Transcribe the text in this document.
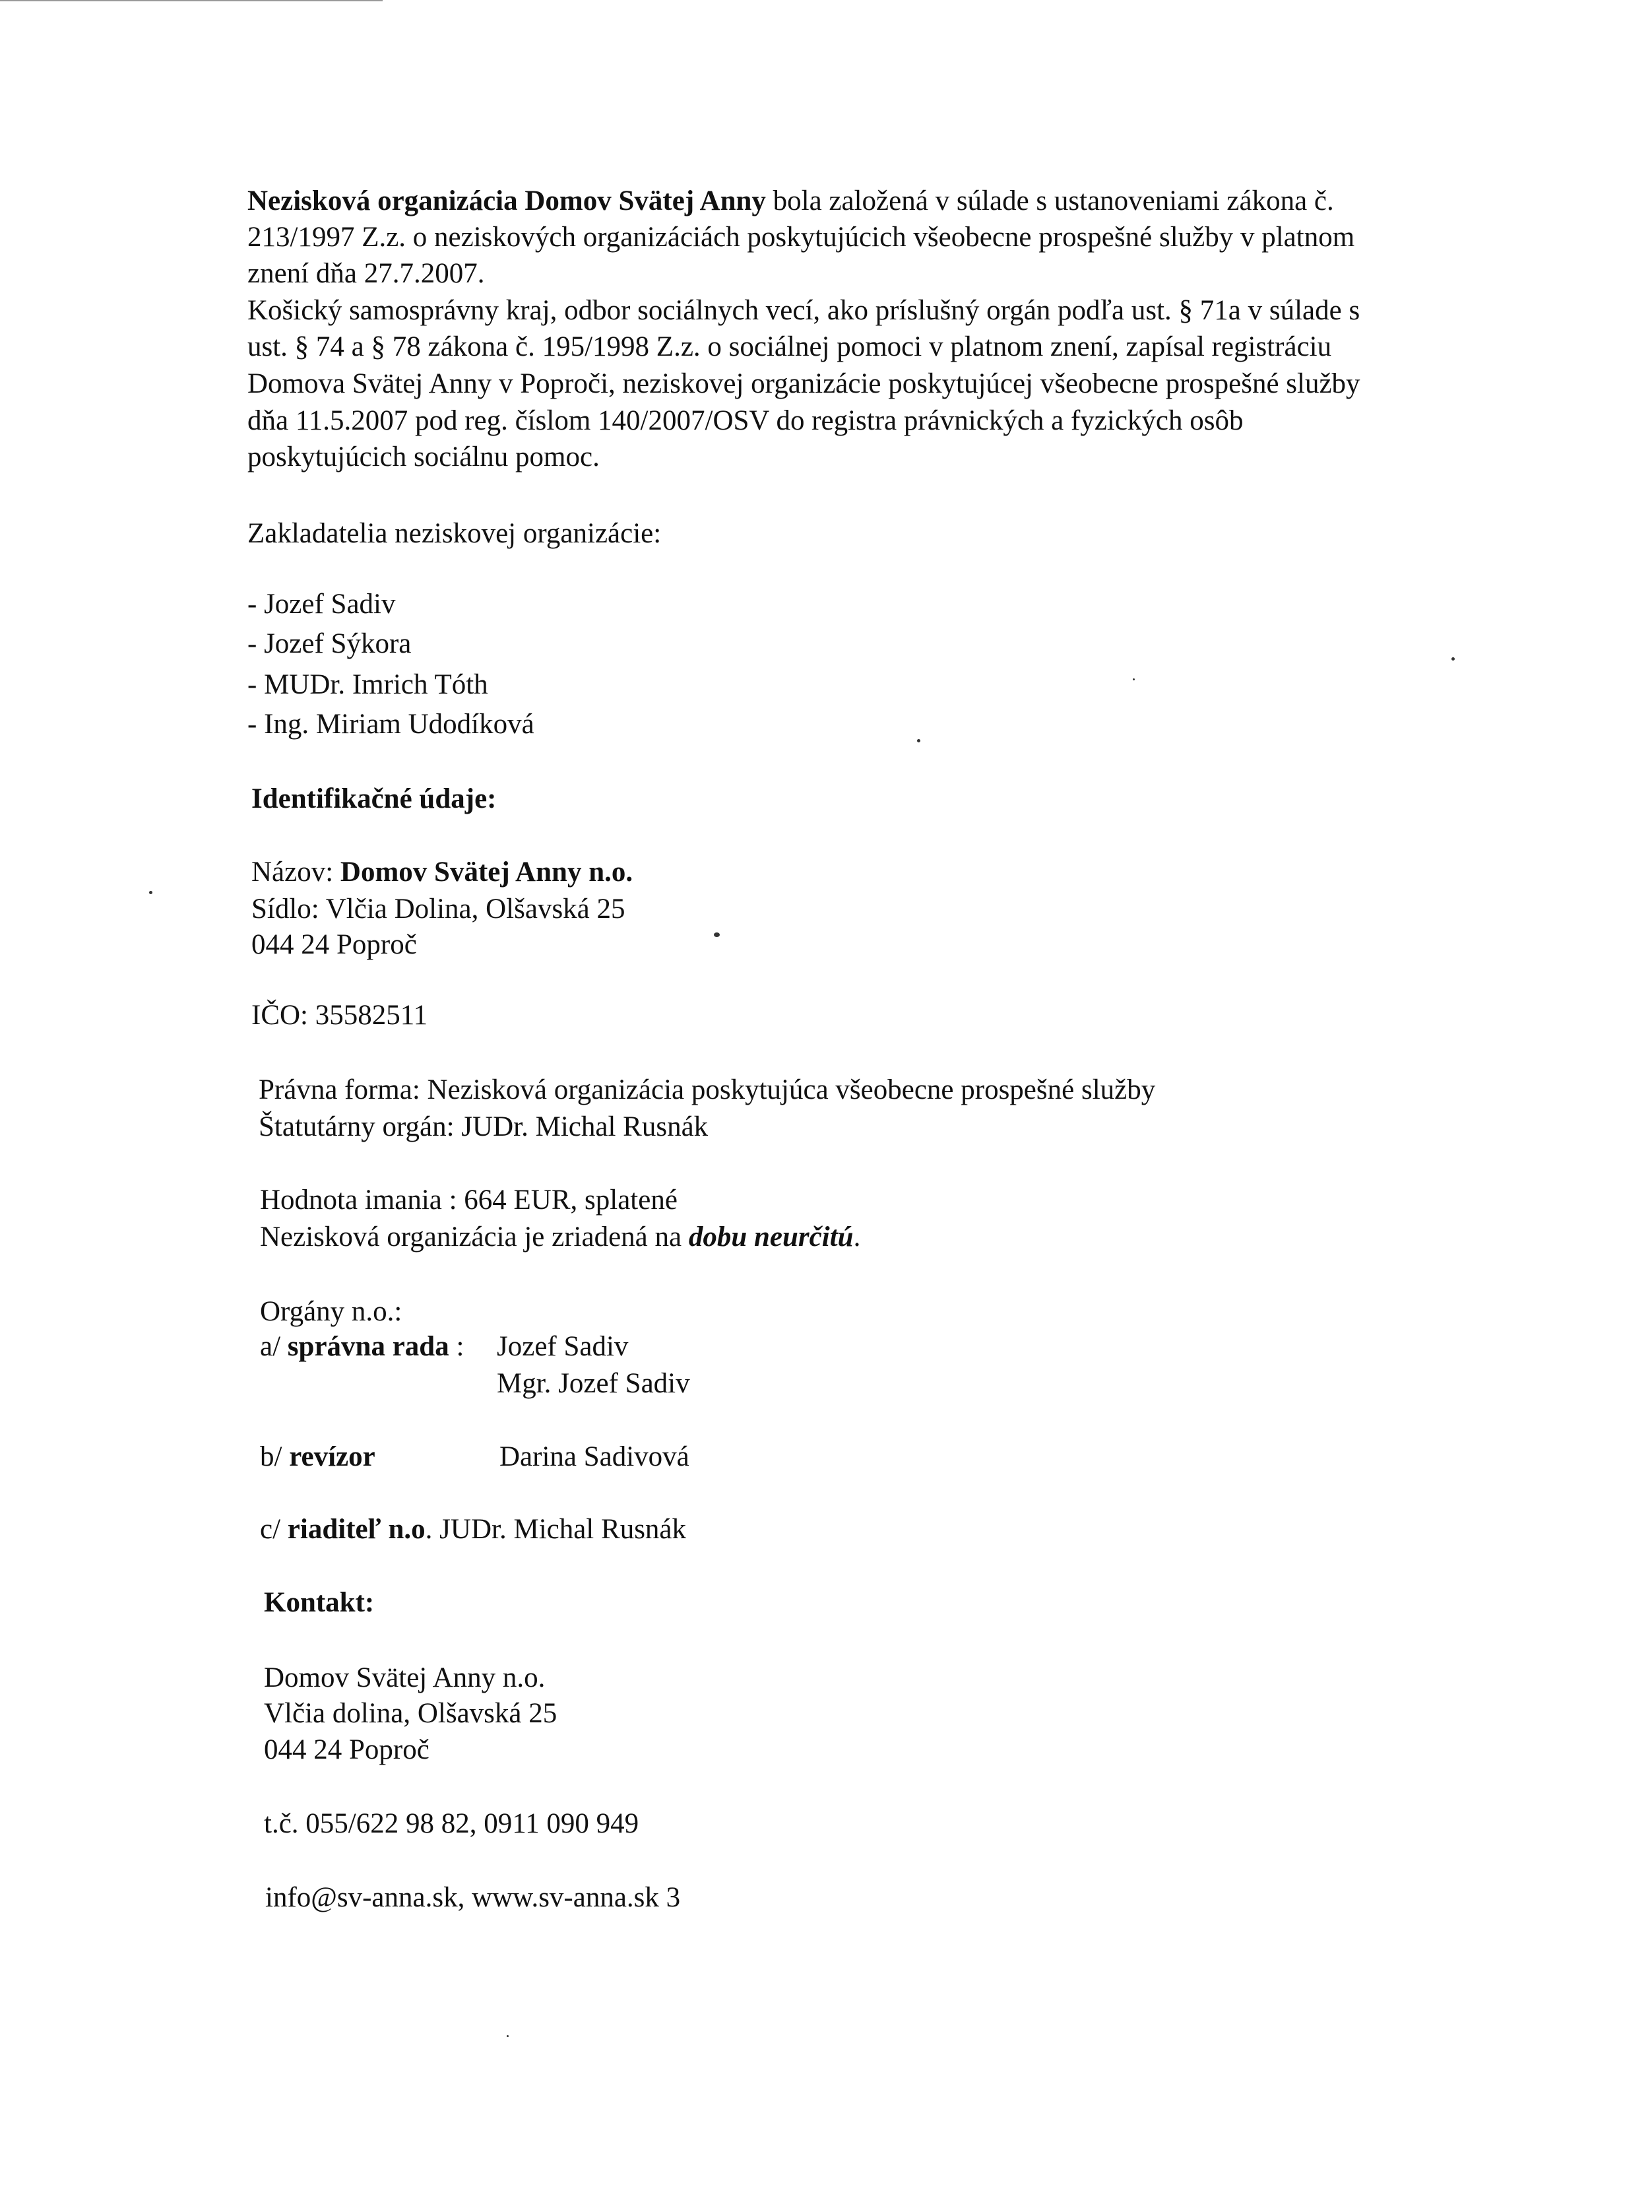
Nezisková organizácia Domov Svätej Anny bola založená v súlade s ustanoveniami zákona č.
213/1997 Z.z. o neziskových organizáciách poskytujúcich všeobecne prospešné služby v platnom
znení dňa 27.7.2007.
Košický samosprávny kraj, odbor sociálnych vecí, ako príslušný orgán podľa ust. § 71a v súlade s
ust. § 74 a § 78 zákona č. 195/1998 Z.z. o sociálnej pomoci v platnom znení, zapísal registráciu
Domova Svätej Anny v Poproči, neziskovej organizácie poskytujúcej všeobecne prospešné služby
dňa 11.5.2007 pod reg. číslom 140/2007/OSV do registra právnických a fyzických osôb
poskytujúcich sociálnu pomoc.
Zakladatelia neziskovej organizácie:
- Jozef Sadiv
- Jozef Sýkora
- MUDr. Imrich Tóth
- Ing. Miriam Udodíková
Identifikačné údaje:
Názov: Domov Svätej Anny n.o.
Sídlo: Vlčia Dolina, Olšavská 25
044 24 Poproč
IČO: 35582511
Právna forma: Nezisková organizácia poskytujúca všeobecne prospešné služby
Štatutárny orgán: JUDr. Michal Rusnák
Hodnota imania : 664 EUR, splatené
Nezisková organizácia je zriadená na dobu neurčitú.
Orgány n.o.:
a/ správna rada : Jozef Sadiv
Mgr. Jozef Sadiv
b/ revízor	Darina Sadivová
c/ riaditeľ n.o. JUDr. Michal Rusnák
Kontakt:
Domov Svätej Anny n.o.
Vlčia dolina, Olšavská 25
044 24 Poproč
t.č. 055/622 98 82, 0911 090 949
info@sv-anna.sk, www.sv-anna.sk 3
